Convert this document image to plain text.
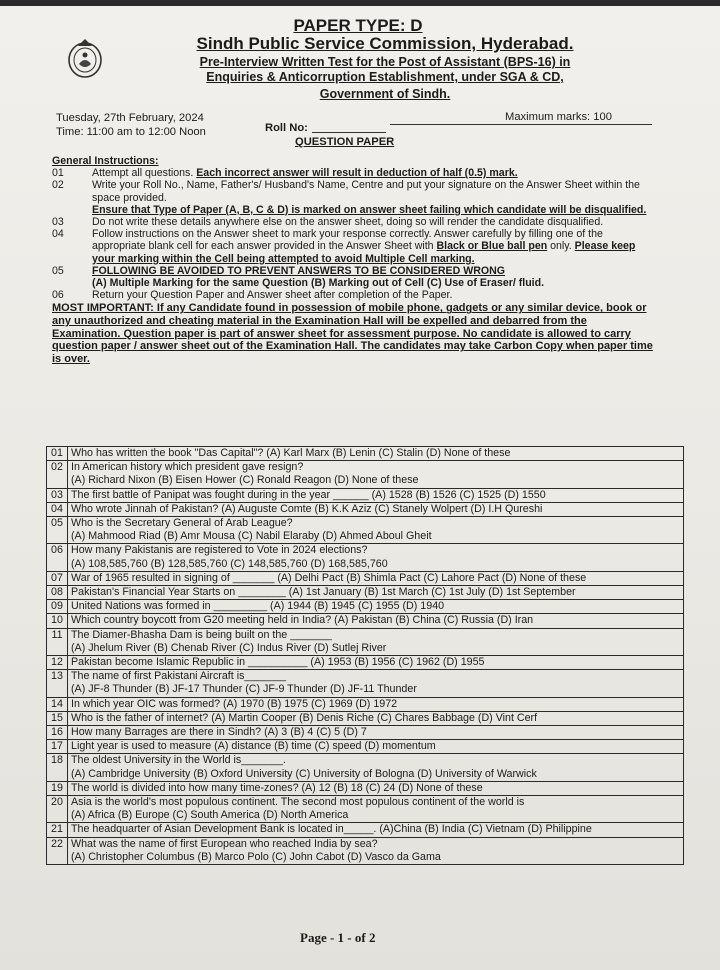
PAPER TYPE: D
Sindh Public Service Commission, Hyderabad.
Pre-Interview Written Test for the Post of Assistant (BPS-16) in
Enquiries & Anticorruption Establishment, under SGA & CD,
Government of Sindh.
Tuesday, 27th February, 2024
Time: 11:00 am to 12:00 Noon	Roll No:
Maximum marks: 100
QUESTION PAPER
General Instructions:
01	Attempt all questions. Each incorrect answer will result in deduction of half (0.5) mark.
02	Write your Roll No., Name, Father's/ Husband's Name, Centre and put your signature on the Answer Sheet within the space provided.
Ensure that Type of Paper (A, B, C & D) is marked on answer sheet failing which candidate will be disqualified.
03	Do not write these details anywhere else on the answer sheet, doing so will render the candidate disqualified.
04	Follow instructions on the Answer sheet to mark your response correctly. Answer carefully by filling one of the appropriate blank cell for each answer provided in the Answer Sheet with Black or Blue ball pen only. Please keep your marking within the Cell being attempted to avoid Multiple Cell marking.
05	FOLLOWING BE AVOIDED TO PREVENT ANSWERS TO BE CONSIDERED WRONG
(A) Multiple Marking for the same Question (B) Marking out of Cell (C) Use of Eraser/ fluid.
06	Return your Question Paper and Answer sheet after completion of the Paper.
MOST IMPORTANT: If any Candidate found in possession of mobile phone, gadgets or any similar device, book or any unauthorized and cheating material in the Examination Hall will be expelled and debarred from the Examination. Question paper is part of answer sheet for assessment purpose. No candidate is allowed to carry question paper / answer sheet out of the Examination Hall. The candidates may take Carbon Copy when paper time is over.
01	Who has written the book "Das Capital"? (A) Karl Marx (B) Lenin (C) Stalin (D) None of these
02	In American history which president gave resign?
(A) Richard Nixon (B) Eisen Hower (C) Ronald Reagon (D) None of these

03	The first battle of Panipat was fought during in the year ______ (A) 1528 (B) 1526 (C) 1525 (D) 1550
04	Who wrote Jinnah of Pakistan? (A) Auguste Comte (B) K.K Aziz (C) Stanely Wolpert (D) I.H Qureshi
05	Who is the Secretary General of Arab League?
(A) Mahmood Riad (B) Amr Mousa (C) Nabil Elaraby (D) Ahmed Aboul Gheit

06	How many Pakistanis are registered to Vote in 2024 elections?
(A) 108,585,760 (B) 128,585,760 (C) 148,585,760 (D) 168,585,760

07	War of 1965 resulted in signing of _______ (A) Delhi Pact (B) Shimla Pact (C) Lahore Pact (D) None of these
08	Pakistan's Financial Year Starts on ________ (A) 1st January (B) 1st March (C) 1st July (D) 1st September
09	United Nations was formed in _________ (A) 1944 (B) 1945 (C) 1955 (D) 1940
10	Which country boycott from G20 meeting held in India? (A) Pakistan (B) China (C) Russia (D) Iran
11	The Diamer-Bhasha Dam is being built on the _______
(A) Jhelum River (B) Chenab River (C) Indus River (D) Sutlej River

12	Pakistan become Islamic Republic in __________ (A) 1953 (B) 1956 (C) 1962 (D) 1955
13	The name of first Pakistani Aircraft is_______
(A) JF-8 Thunder (B) JF-17 Thunder (C) JF-9 Thunder (D) JF-11 Thunder

14	In which year OIC was formed? (A) 1970 (B) 1975 (C) 1969 (D) 1972
15	Who is the father of internet? (A) Martin Cooper (B) Denis Riche (C) Chares Babbage (D) Vint Cerf
16	How many Barrages are there in Sindh? (A) 3 (B) 4 (C) 5 (D) 7
17	Light year is used to measure (A) distance (B) time (C) speed (D) momentum
18	The oldest University in the World is_______.
(A) Cambridge University (B) Oxford University (C) University of Bologna (D) University of Warwick

19	The world is divided into how many time-zones? (A) 12 (B) 18 (C) 24 (D) None of these
20	Asia is the world's most populous continent. The second most populous continent of the world is
(A) Africa (B) Europe (C) South America (D) North America

21	The headquarter of Asian Development Bank is located in_____. (A)China (B) India (C) Vietnam (D) Philippine
22	What was the name of first European who reached India by sea?
(A) Christopher Columbus (B) Marco Polo (C) John Cabot (D) Vasco da Gama
Page - 1 - of 2
